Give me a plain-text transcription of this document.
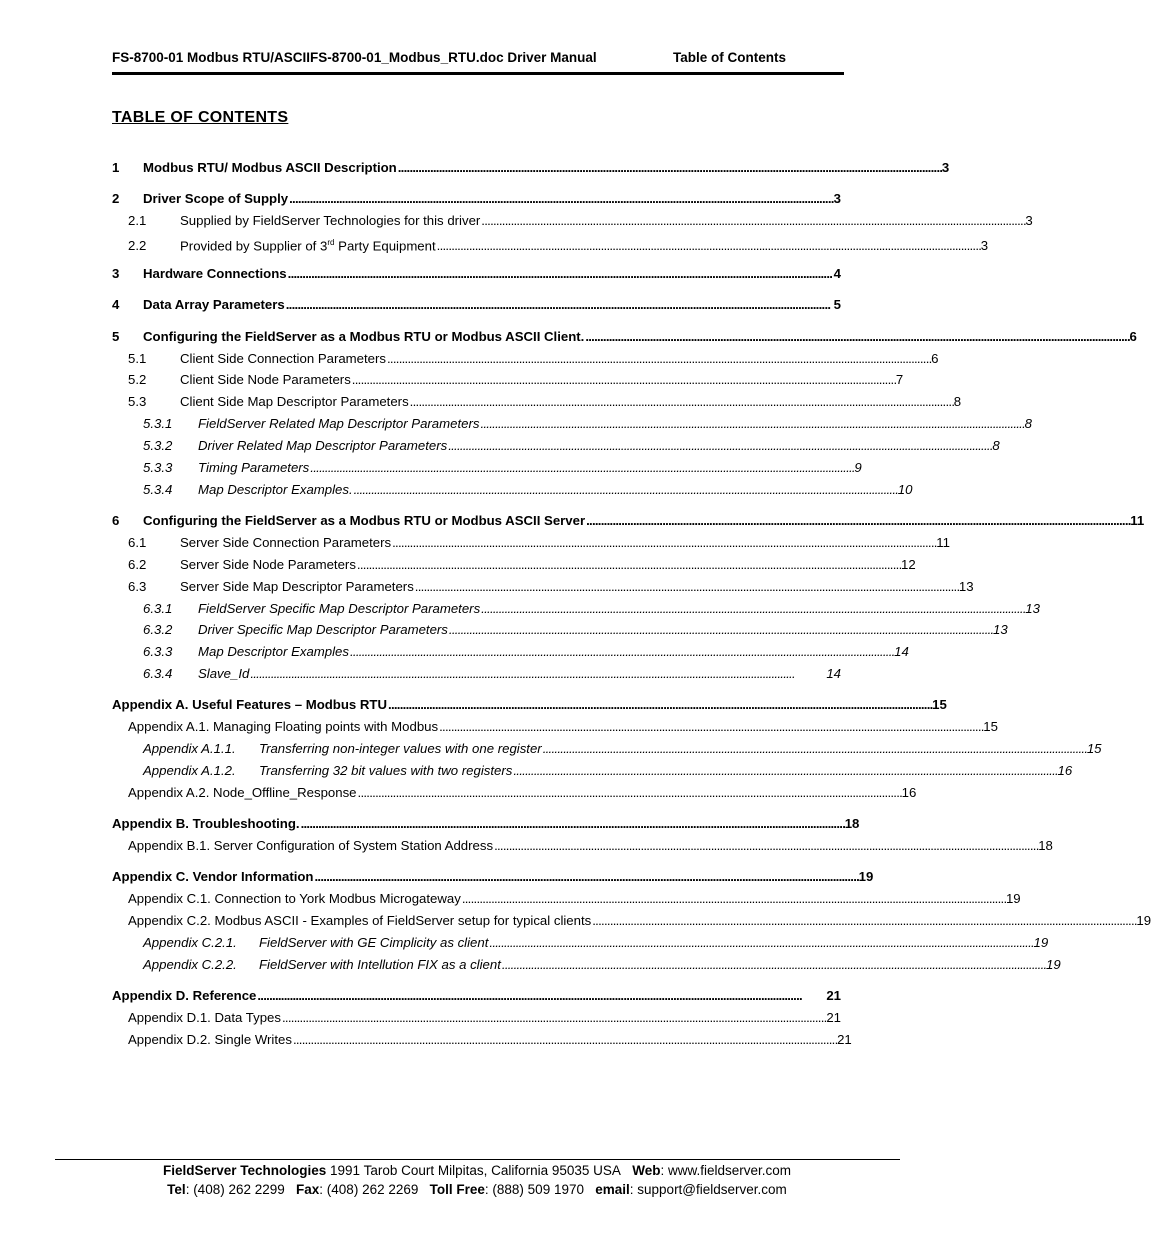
FS-8700-01 Modbus RTU/ASCIIFS-8700-01_Modbus_RTU.doc Driver Manual	Table of Contents
TABLE OF CONTENTS
1	Modbus RTU/ Modbus ASCII Description . . .	3
2	Driver Scope of Supply . . .	3
2.1	Supplied by FieldServer Technologies for this driver . . .	3
2.2	Provided by Supplier of 3rd Party Equipment . . .	3
3	Hardware Connections . . .	4
4	Data Array Parameters . . .	5
5	Configuring the FieldServer as a Modbus RTU or Modbus ASCII Client. . . .	6
5.1	Client Side Connection Parameters . . .	6
5.2	Client Side Node Parameters . . .	7
5.3	Client Side Map Descriptor Parameters . . .	8
5.3.1	FieldServer Related Map Descriptor Parameters . . .	8
5.3.2	Driver Related Map Descriptor Parameters . . .	8
5.3.3	Timing Parameters . . .	9
5.3.4	Map Descriptor Examples. . . .	10
6	Configuring the FieldServer as a Modbus RTU or Modbus ASCII Server . . .	11
6.1	Server Side Connection Parameters . . .	11
6.2	Server Side Node Parameters . . .	12
6.3	Server Side Map Descriptor Parameters . . .	13
6.3.1	FieldServer Specific Map Descriptor Parameters . . .	13
6.3.2	Driver Specific Map Descriptor Parameters . . .	13
6.3.3	Map Descriptor Examples . . .	14
6.3.4	Slave_Id . . .	14
Appendix A. Useful Features – Modbus RTU . . .	15
Appendix A.1. Managing Floating points with Modbus . . .	15
Appendix A.1.1.	Transferring non-integer values with one register . . .	15
Appendix A.1.2.	Transferring 32 bit values with two registers . . .	16
Appendix A.2. Node_Offline_Response . . .	16
Appendix B. Troubleshooting. . . .	18
Appendix B.1. Server Configuration of System Station Address . . .	18
Appendix C. Vendor Information . . .	19
Appendix C.1. Connection to York Modbus Microgateway . . .	19
Appendix C.2. Modbus ASCII - Examples of FieldServer setup for typical clients . . .	19
Appendix C.2.1.	FieldServer with GE Cimplicity as client . . .	19
Appendix C.2.2.	FieldServer with Intellution FIX as a client . . .	19
Appendix D. Reference . . .	21
Appendix D.1. Data Types . . .	21
Appendix D.2. Single Writes . . .	21
FieldServer Technologies 1991 Tarob Court Milpitas, California 95035 USA Web: www.fieldserver.com
Tel: (408) 262 2299 Fax: (408) 262 2269 Toll Free: (888) 509 1970 email: support@fieldserver.com
